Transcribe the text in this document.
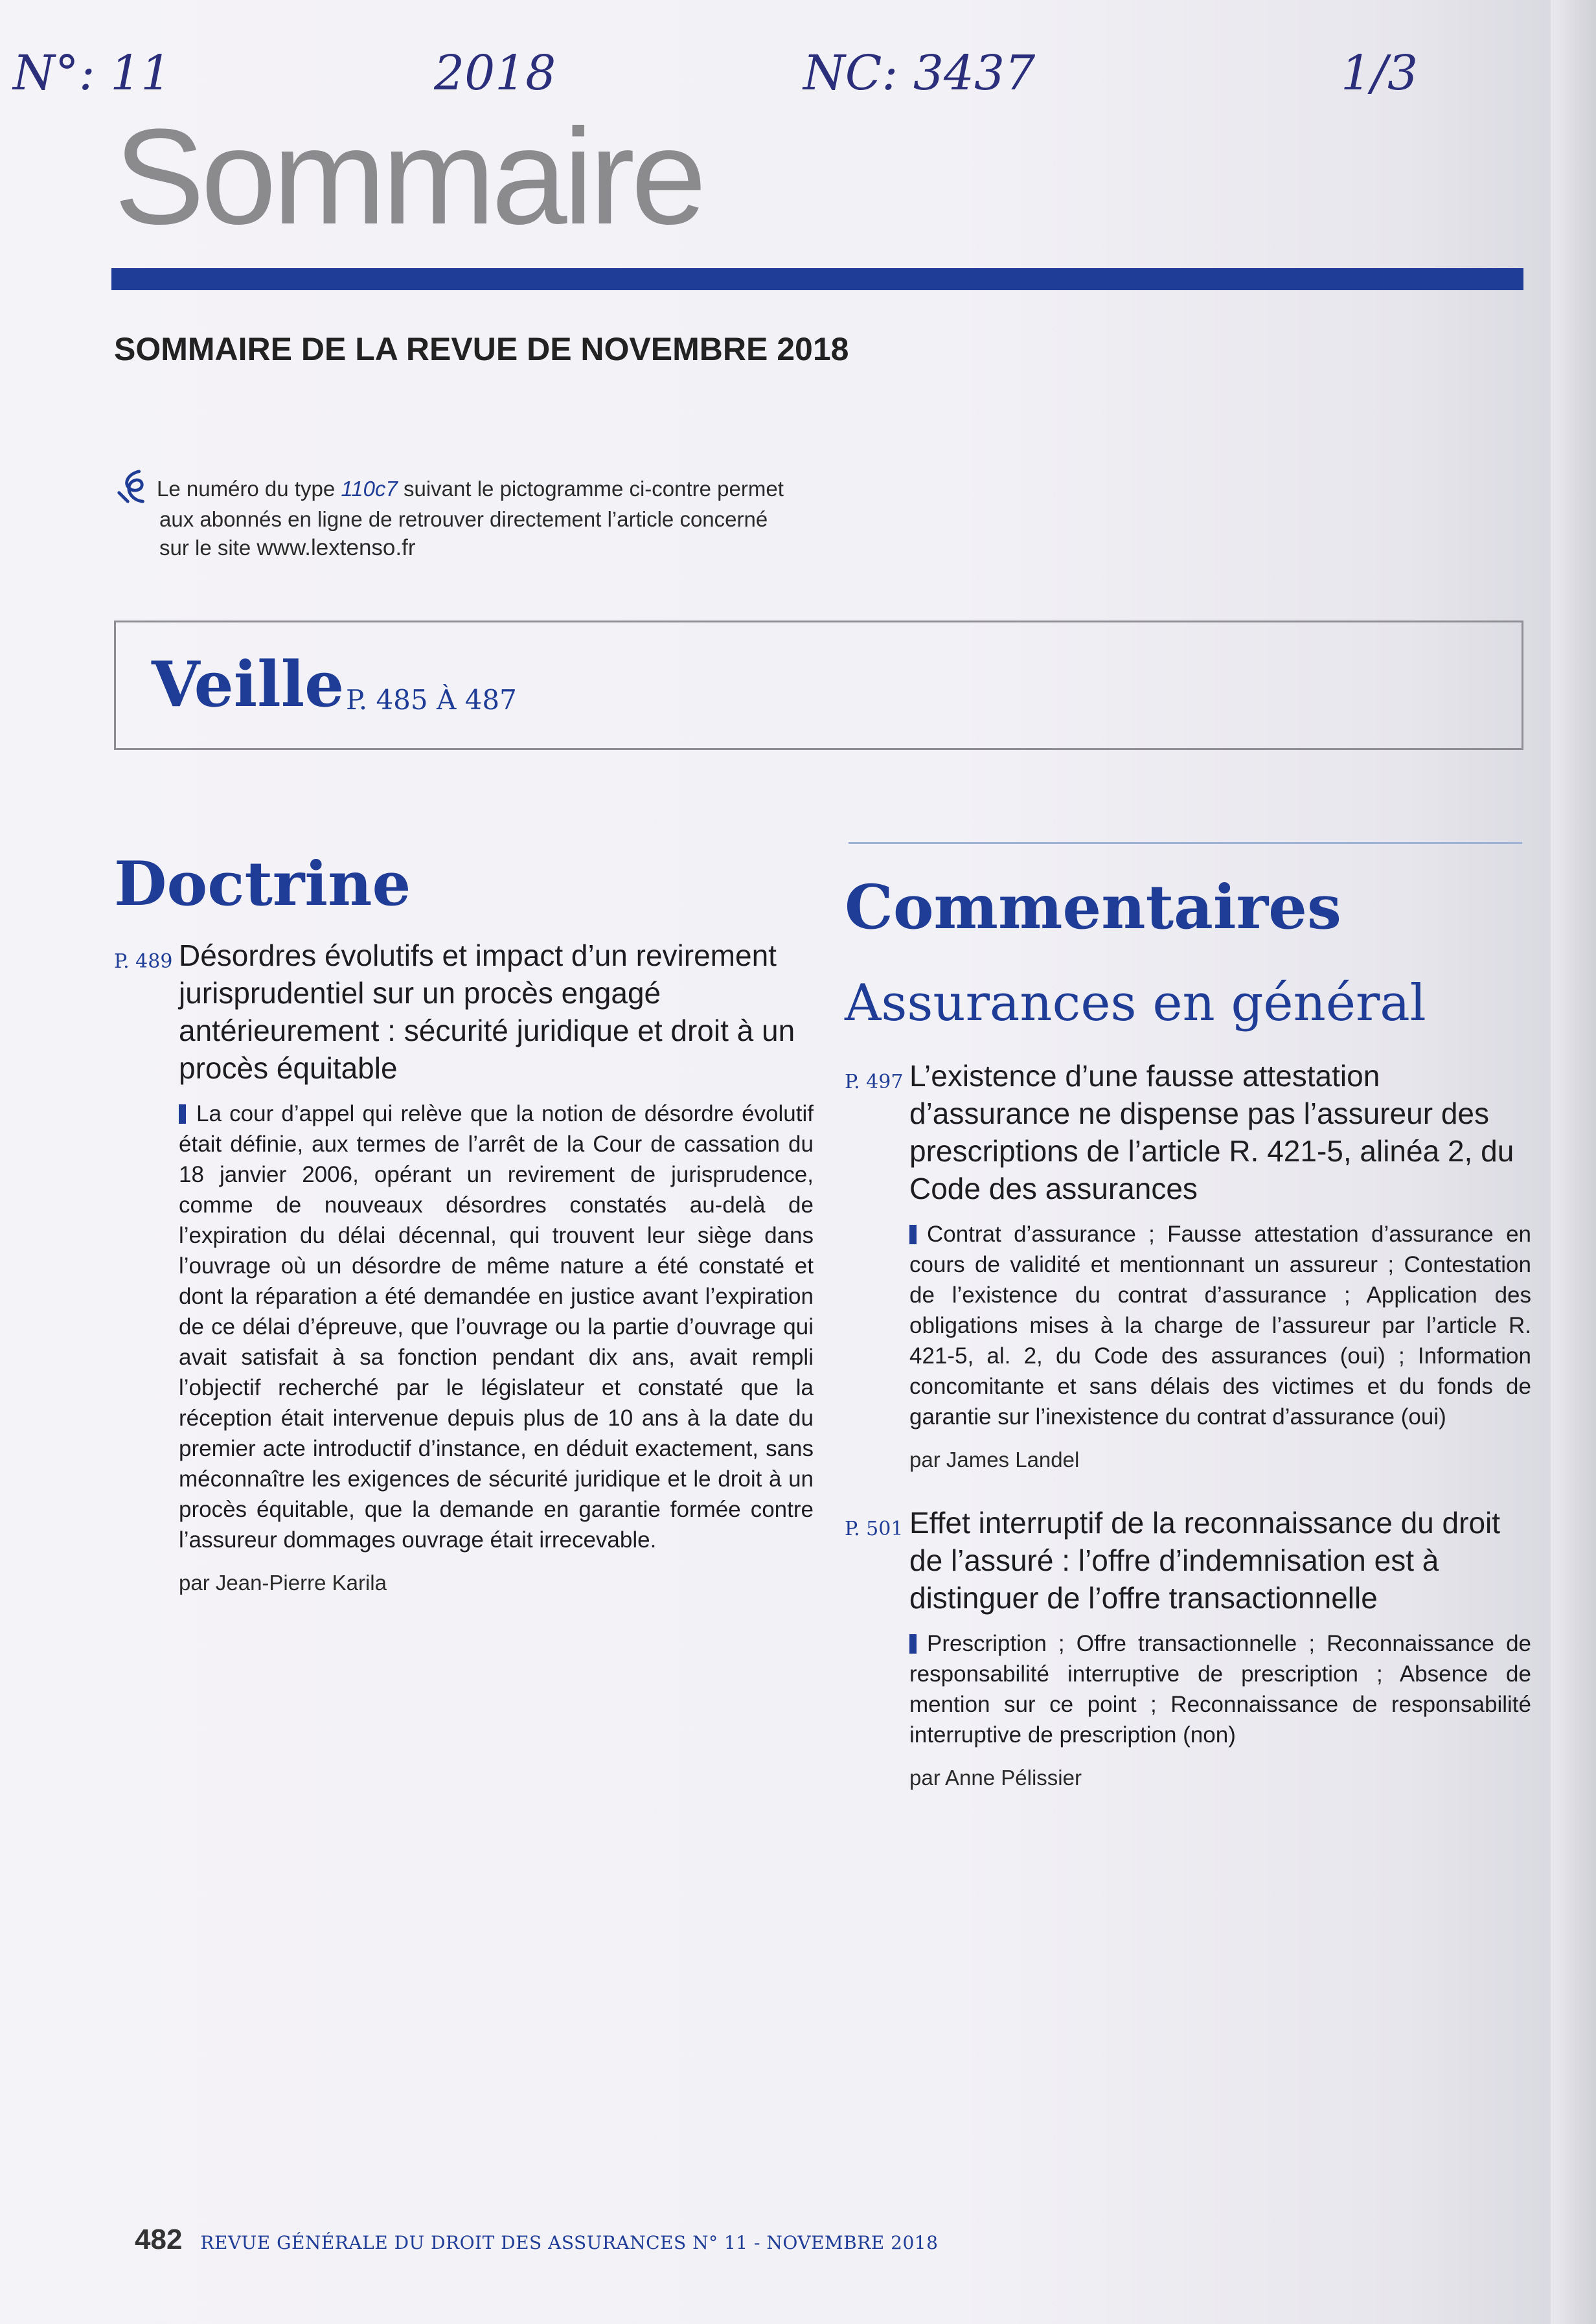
N°: 11	2018	NC: 3437	1/3
Sommaire
SOMMAIRE DE LA REVUE DE NOVEMBRE 2018
Le numéro du type 110c7 suivant le pictogramme ci-contre permet
aux abonnés en ligne de retrouver directement l’article concerné
sur le site www.lextenso.fr
Veille P. 485 À 487
Doctrine
P. 489 Désordres évolutifs et impact d’un revirement jurisprudentiel sur un procès engagé antérieurement : sécurité juridique et droit à un procès équitable
La cour d’appel qui relève que la notion de désordre évolutif était définie, aux termes de l’arrêt de la Cour de cassation du 18 janvier 2006, opérant un revirement de jurisprudence, comme de nouveaux désordres constatés au-delà de l’expiration du délai décennal, qui trouvent leur siège dans l’ouvrage où un désordre de même nature a été constaté et dont la réparation a été demandée en justice avant l’expiration de ce délai d’épreuve, que l’ouvrage ou la partie d’ouvrage qui avait satisfait à sa fonction pendant dix ans, avait rempli l’objectif recherché par le législateur et constaté que la réception était intervenue depuis plus de 10 ans à la date du premier acte introductif d’instance, en déduit exactement, sans méconnaître les exigences de sécurité juridique et le droit à un procès équitable, que la demande en garantie formée contre l’assureur dommages ouvrage était irrecevable.
par Jean-Pierre Karila
Commentaires
Assurances en général
P. 497 L’existence d’une fausse attestation d’assurance ne dispense pas l’assureur des prescriptions de l’article R. 421-5, alinéa 2, du Code des assurances
Contrat d’assurance ; Fausse attestation d’assurance en cours de validité et mentionnant un assureur ; Contestation de l’existence du contrat d’assurance ; Application des obligations mises à la charge de l’assureur par l’article R. 421-5, al. 2, du Code des assurances (oui) ; Information concomitante et sans délais des victimes et du fonds de garantie sur l’inexistence du contrat d’assurance (oui)
par James Landel
P. 501 Effet interruptif de la reconnaissance du droit de l’assuré : l’offre d’indemnisation est à distinguer de l’offre transactionnelle
Prescription ; Offre transactionnelle ; Reconnaissance de responsabilité interruptive de prescription ; Absence de mention sur ce point ; Reconnaissance de responsabilité interruptive de prescription (non)
par Anne Pélissier
482 REVUE GÉNÉRALE DU DROIT DES ASSURANCES N° 11 - NOVEMBRE 2018
